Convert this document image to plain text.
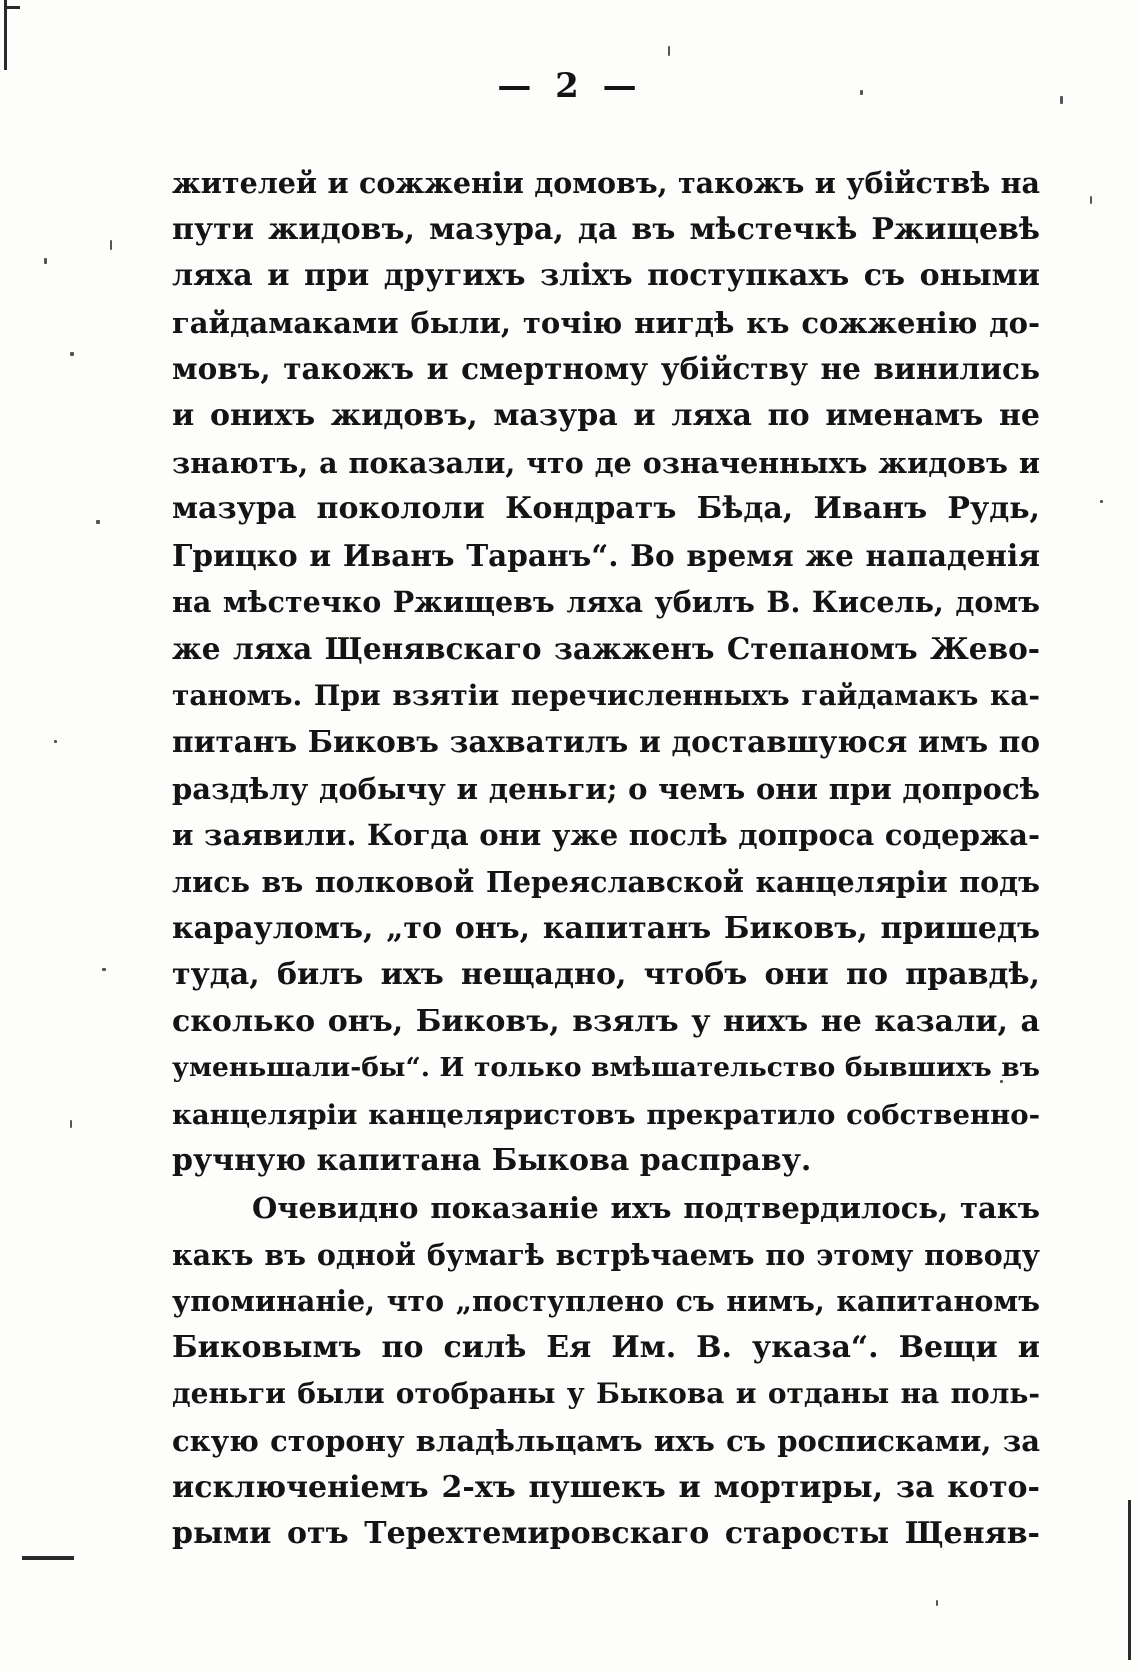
— 2 —
жителей и сожженіи домовъ, такожъ и убійствѣ на
пути жидовъ, мазура, да въ мѣстечкѣ Ржищевѣ
ляха и при другихъ злiхъ поступкахъ съ оными
гайдамаками были, точію нигдѣ къ сожженію до-
мовъ, такожъ и смертному убійству не винились
и онихъ жидовъ, мазура и ляха по именамъ не
знаютъ, а показали, что де означенныхъ жидовъ и
мазура покололи Кондратъ Бѣда, Иванъ Рудь,
Грицко и Иванъ Таранъ“. Во время же нападенія
на мѣстечко Ржищевъ ляха убилъ В. Кисель, домъ
же ляха Щенявскаго зажженъ Степаномъ Жево-
таномъ. При взятіи перечисленныхъ гайдамакъ ка-
питанъ Биковъ захватилъ и доставшуюся имъ по
раздѣлу добычу и деньги; о чемъ они при допросѣ
и заявили. Когда они уже послѣ допроса содержа-
лись въ полковой Переяславской канцеляріи подъ
карауломъ, „то онъ, капитанъ Биковъ, пришедъ
туда, билъ ихъ нещадно, чтобъ они по правдѣ,
сколько онъ, Биковъ, взялъ у нихъ не казали, а
уменьшали-бы“. И только вмѣшательство бывшихъ въ
канцеляріи канцеляристовъ прекратило собственно-
ручную капитана Быкова расправу.
Очевидно показаніе ихъ подтвердилось, такъ
какъ въ одной бумагѣ встрѣчаемъ по этому поводу
упоминаніе, что „поступлено съ нимъ, капитаномъ
Биковымъ по силѣ Ея Им. В. указа“. Вещи и
деньги были отобраны у Быкова и отданы на поль-
скую сторону владѣльцамъ ихъ съ росписками, за
исключеніемъ 2-хъ пушекъ и мортиры, за кото-
рыми отъ Терехтемировскаго старосты Щеняв-
